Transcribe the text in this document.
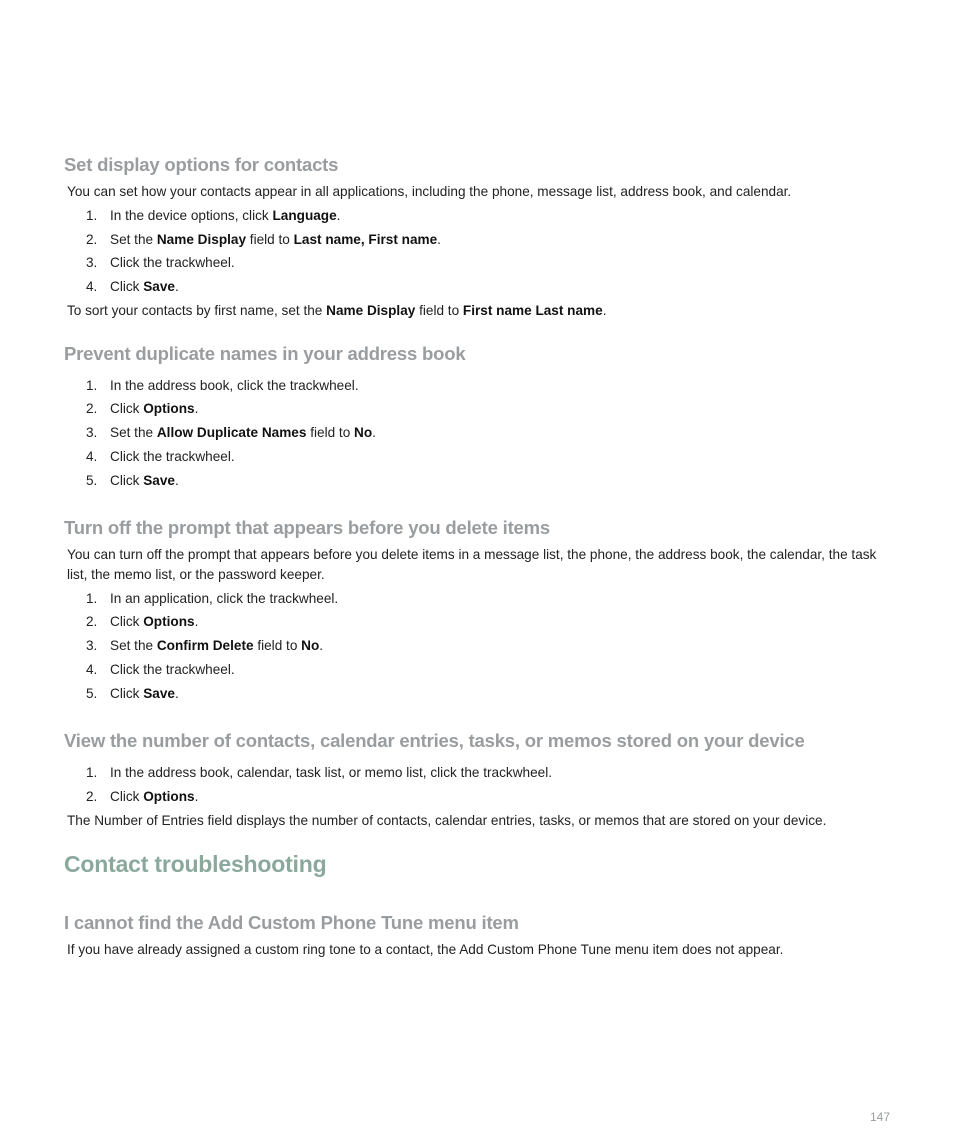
Set display options for contacts
You can set how your contacts appear in all applications, including the phone, message list, address book, and calendar.
1. In the device options, click Language.
2. Set the Name Display field to Last name, First name.
3. Click the trackwheel.
4. Click Save.
To sort your contacts by first name, set the Name Display field to First name Last name.
Prevent duplicate names in your address book
1. In the address book, click the trackwheel.
2. Click Options.
3. Set the Allow Duplicate Names field to No.
4. Click the trackwheel.
5. Click Save.
Turn off the prompt that appears before you delete items
You can turn off the prompt that appears before you delete items in a message list, the phone, the address book, the calendar, the task
list, the memo list, or the password keeper.
1. In an application, click the trackwheel.
2. Click Options.
3. Set the Confirm Delete field to No.
4. Click the trackwheel.
5. Click Save.
View the number of contacts, calendar entries, tasks, or memos stored on your device
1. In the address book, calendar, task list, or memo list, click the trackwheel.
2. Click Options.
The Number of Entries field displays the number of contacts, calendar entries, tasks, or memos that are stored on your device.
Contact troubleshooting
I cannot find the Add Custom Phone Tune menu item
If you have already assigned a custom ring tone to a contact, the Add Custom Phone Tune menu item does not appear.
147
